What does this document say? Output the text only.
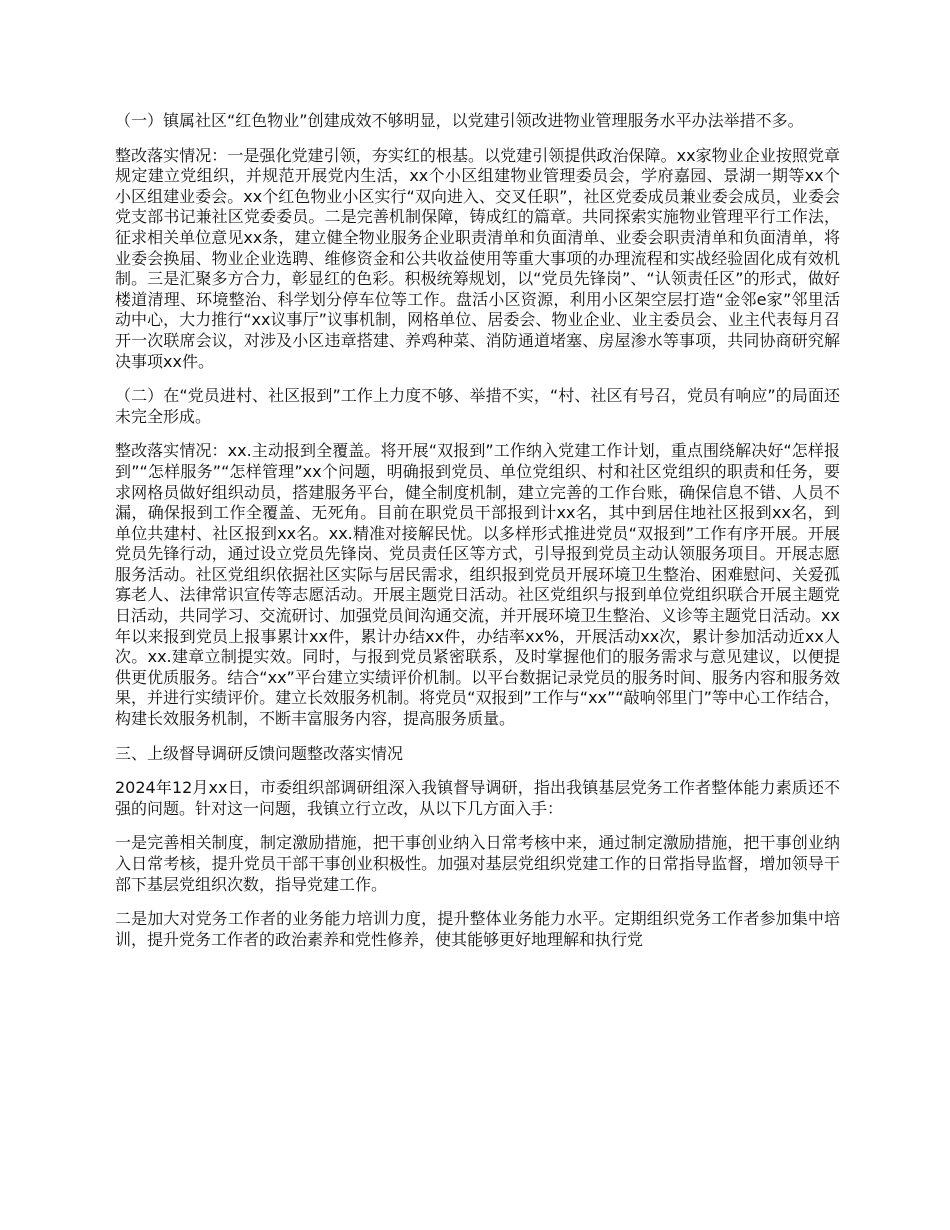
（一）镇属社区“红色物业”创建成效不够明显，以党建引领改进物业管理服务水平办法举措不多。

整改落实情况：一是强化党建引领，夯实红的根基。以党建引领提供政治保障。xx家物业企业按照党章规定建立党组织，并规范开展党内生活，xx个小区组建物业管理委员会，学府嘉园、景湖一期等xx个小区组建业委会。xx个红色物业小区实行“双向进入、交叉任职”，社区党委成员兼业委会成员，业委会党支部书记兼社区党委委员。二是完善机制保障，铸成红的篇章。共同探索实施物业管理平行工作法，征求相关单位意见xx条，建立健全物业服务企业职责清单和负面清单、业委会职责清单和负面清单，将业委会换届、物业企业选聘、维修资金和公共收益使用等重大事项的办理流程和实战经验固化成有效机制。三是汇聚多方合力，彰显红的色彩。积极统筹规划，以“党员先锋岗”、“认领责任区”的形式，做好楼道清理、环境整治、科学划分停车位等工作。盘活小区资源，利用小区架空层打造“金邻e家”邻里活动中心，大力推行“xx议事厅”议事机制，网格单位、居委会、物业企业、业主委员会、业主代表每月召开一次联席会议，对涉及小区违章搭建、养鸡种菜、消防通道堵塞、房屋渗水等事项，共同协商研究解决事项xx件。

（二）在“党员进村、社区报到”工作上力度不够、举措不实，“村、社区有号召，党员有响应”的局面还未完全形成。

整改落实情况：xx.主动报到全覆盖。将开展“双报到”工作纳入党建工作计划，重点围绕解决好“怎样报到”“怎样服务”“怎样管理”xx个问题，明确报到党员、单位党组织、村和社区党组织的职责和任务，要求网格员做好组织动员，搭建服务平台，健全制度机制，建立完善的工作台账，确保信息不错、人员不漏，确保报到工作全覆盖、无死角。目前在职党员干部报到计xx名，其中到居住地社区报到xx名，到单位共建村、社区报到xx名。xx.精准对接解民忧。以多样形式推进党员“双报到”工作有序开展。开展党员先锋行动，通过设立党员先锋岗、党员责任区等方式，引导报到党员主动认领服务项目。开展志愿服务活动。社区党组织依据社区实际与居民需求，组织报到党员开展环境卫生整治、困难慰问、关爱孤寡老人、法律常识宣传等志愿活动。开展主题党日活动。社区党组织与报到单位党组织联合开展主题党日活动，共同学习、交流研讨、加强党员间沟通交流，并开展环境卫生整治、义诊等主题党日活动。xx年以来报到党员上报事累计xx件，累计办结xx件，办结率xx%，开展活动xx次，累计参加活动近xx人次。xx.建章立制提实效。同时，与报到党员紧密联系，及时掌握他们的服务需求与意见建议，以便提供更优质服务。结合“xx”平台建立实绩评价机制。以平台数据记录党员的服务时间、服务内容和服务效果，并进行实绩评价。建立长效服务机制。将党员“双报到”工作与“xx”“敲响邻里门”等中心工作结合，构建长效服务机制，不断丰富服务内容，提高服务质量。

三、上级督导调研反馈问题整改落实情况

2024年12月xx日，市委组织部调研组深入我镇督导调研，指出我镇基层党务工作者整体能力素质还不强的问题。针对这一问题，我镇立行立改，从以下几方面入手：

一是完善相关制度，制定激励措施，把干事创业纳入日常考核中来，通过制定激励措施，把干事创业纳入日常考核，提升党员干部干事创业积极性。加强对基层党组织党建工作的日常指导监督，增加领导干部下基层党组织次数，指导党建工作。

二是加大对党务工作者的业务能力培训力度，提升整体业务能力水平。定期组织党务工作者参加集中培训，提升党务工作者的政治素养和党性修养，使其能够更好地理解和执行党
